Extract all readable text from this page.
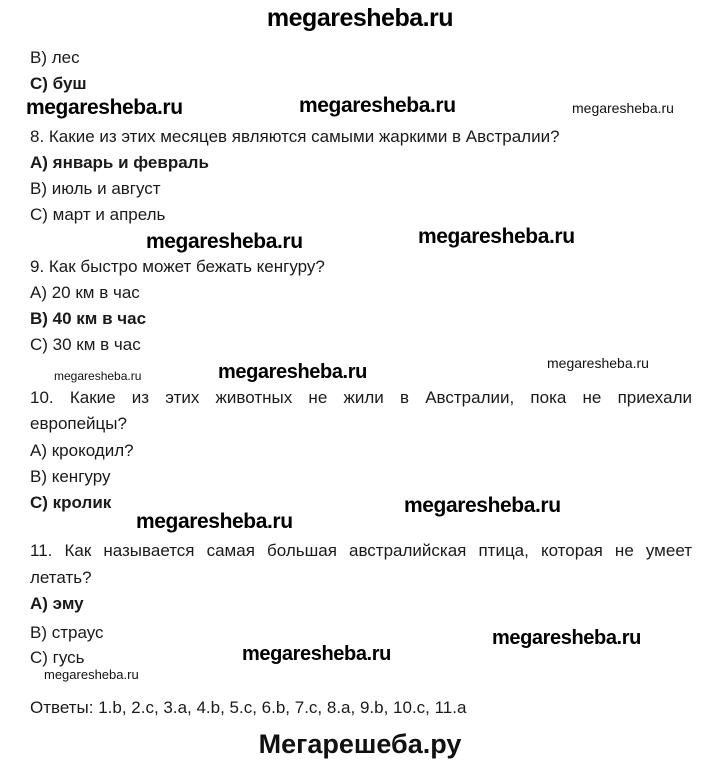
megaresheba.ru
В) лес
С) буш
megaresheba.ru	megaresheba.ru	megaresheba.ru
8. Какие из этих месяцев являются самыми жаркими в Австралии?
А) январь и февраль
В) июль и август
С) март и апрель
megaresheba.ru	megaresheba.ru
9. Как быстро может бежать кенгуру?
А) 20 км в час
В) 40 км в час
С) 30 км в час
megaresheba.ru	megaresheba.ru	megaresheba.ru
10. Какие из этих животных не жили в Австралии, пока не приехали
европейцы?
А) крокодил?
В) кенгуру
С) кролик	megaresheba.ru
megaresheba.ru
11. Как называется самая большая австралийская птица, которая не умеет
летать?
А) эму
В) страус
С) гусь
megaresheba.ru
megaresheba.ru
megaresheba.ru
Ответы: 1.b, 2.c, 3.a, 4.b, 5.c, 6.b, 7.c, 8.a, 9.b, 10.c, 11.a
Мегарешеба.ру
